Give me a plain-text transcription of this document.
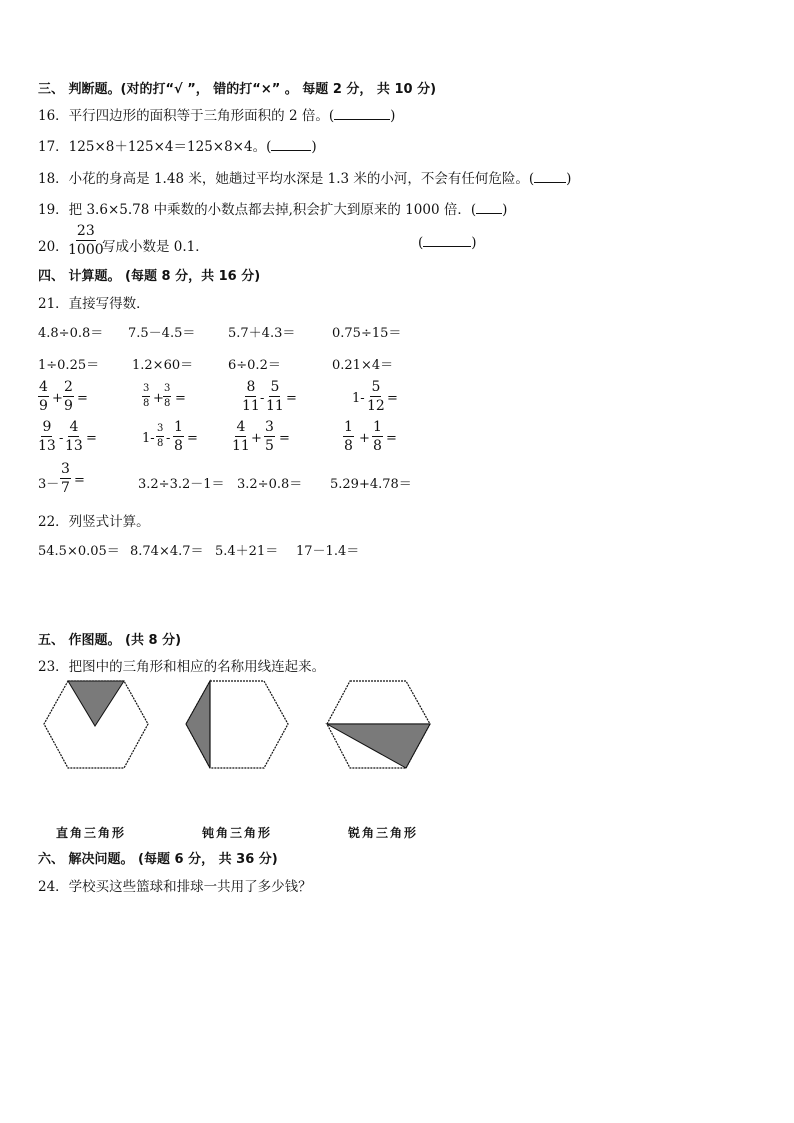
三、 判断题。(对的打“√ ”， 错的打“×” 。 每题 2 分， 共 10 分)
16．平行四边形的面积等于三角形面积的 2 倍。(	)
17．125×8＋125×4＝125×8×4。(	)
18．小花的身高是 1.48 米，她趟过平均水深是 1.3 米的小河，不会有任何危险。( )
19．把 3.6×5.78 中乘数的小数点都去掉,积会扩大到原来的 1000 倍．( )
20． $\frac{23}{1000}$
写成小数是 0.1．	(	)
四、 计算题。 (每题 8 分，共 16 分)
21．直接写得数．
4.8÷0.8＝ 7.5－4.5＝	5.7＋4.3＝	0.75÷15＝
1÷0.25＝	1.2×60＝	6÷0.2＝	0.21×4＝
$\frac{4}{9} + \frac{2}{9}$ =	$\frac{3}{8} + \frac{3}{8}$ =	$\frac{8}{11} - \frac{5}{11}$ =	$1- \frac{5}{12}$ =
$\frac{9}{13} - \frac{4}{13}$ =	$1- \frac{3}{8} - \frac{1}{8} = \frac{4}{11} + \frac{3}{5}$ =	$\frac{1}{8} + \frac{1}{8}$ =
$3- \frac{3}{7}$ =	3.2÷3.2－1＝ 3.2÷0.8＝ 5.29+4.78＝
22．列竖式计算。
54.5×0.05＝ 8.74×4.7＝ 5.4＋21＝ 17－1.4＝
五、 作图题。 (共 8 分)
23．把图中的三角形和相应的名称用线连起来。
直角三角形	钝角三角形	锐角三角形
六、 解决问题。 (每题 6 分， 共 36 分)
24．学校买这些篮球和排球一共用了多少钱？
